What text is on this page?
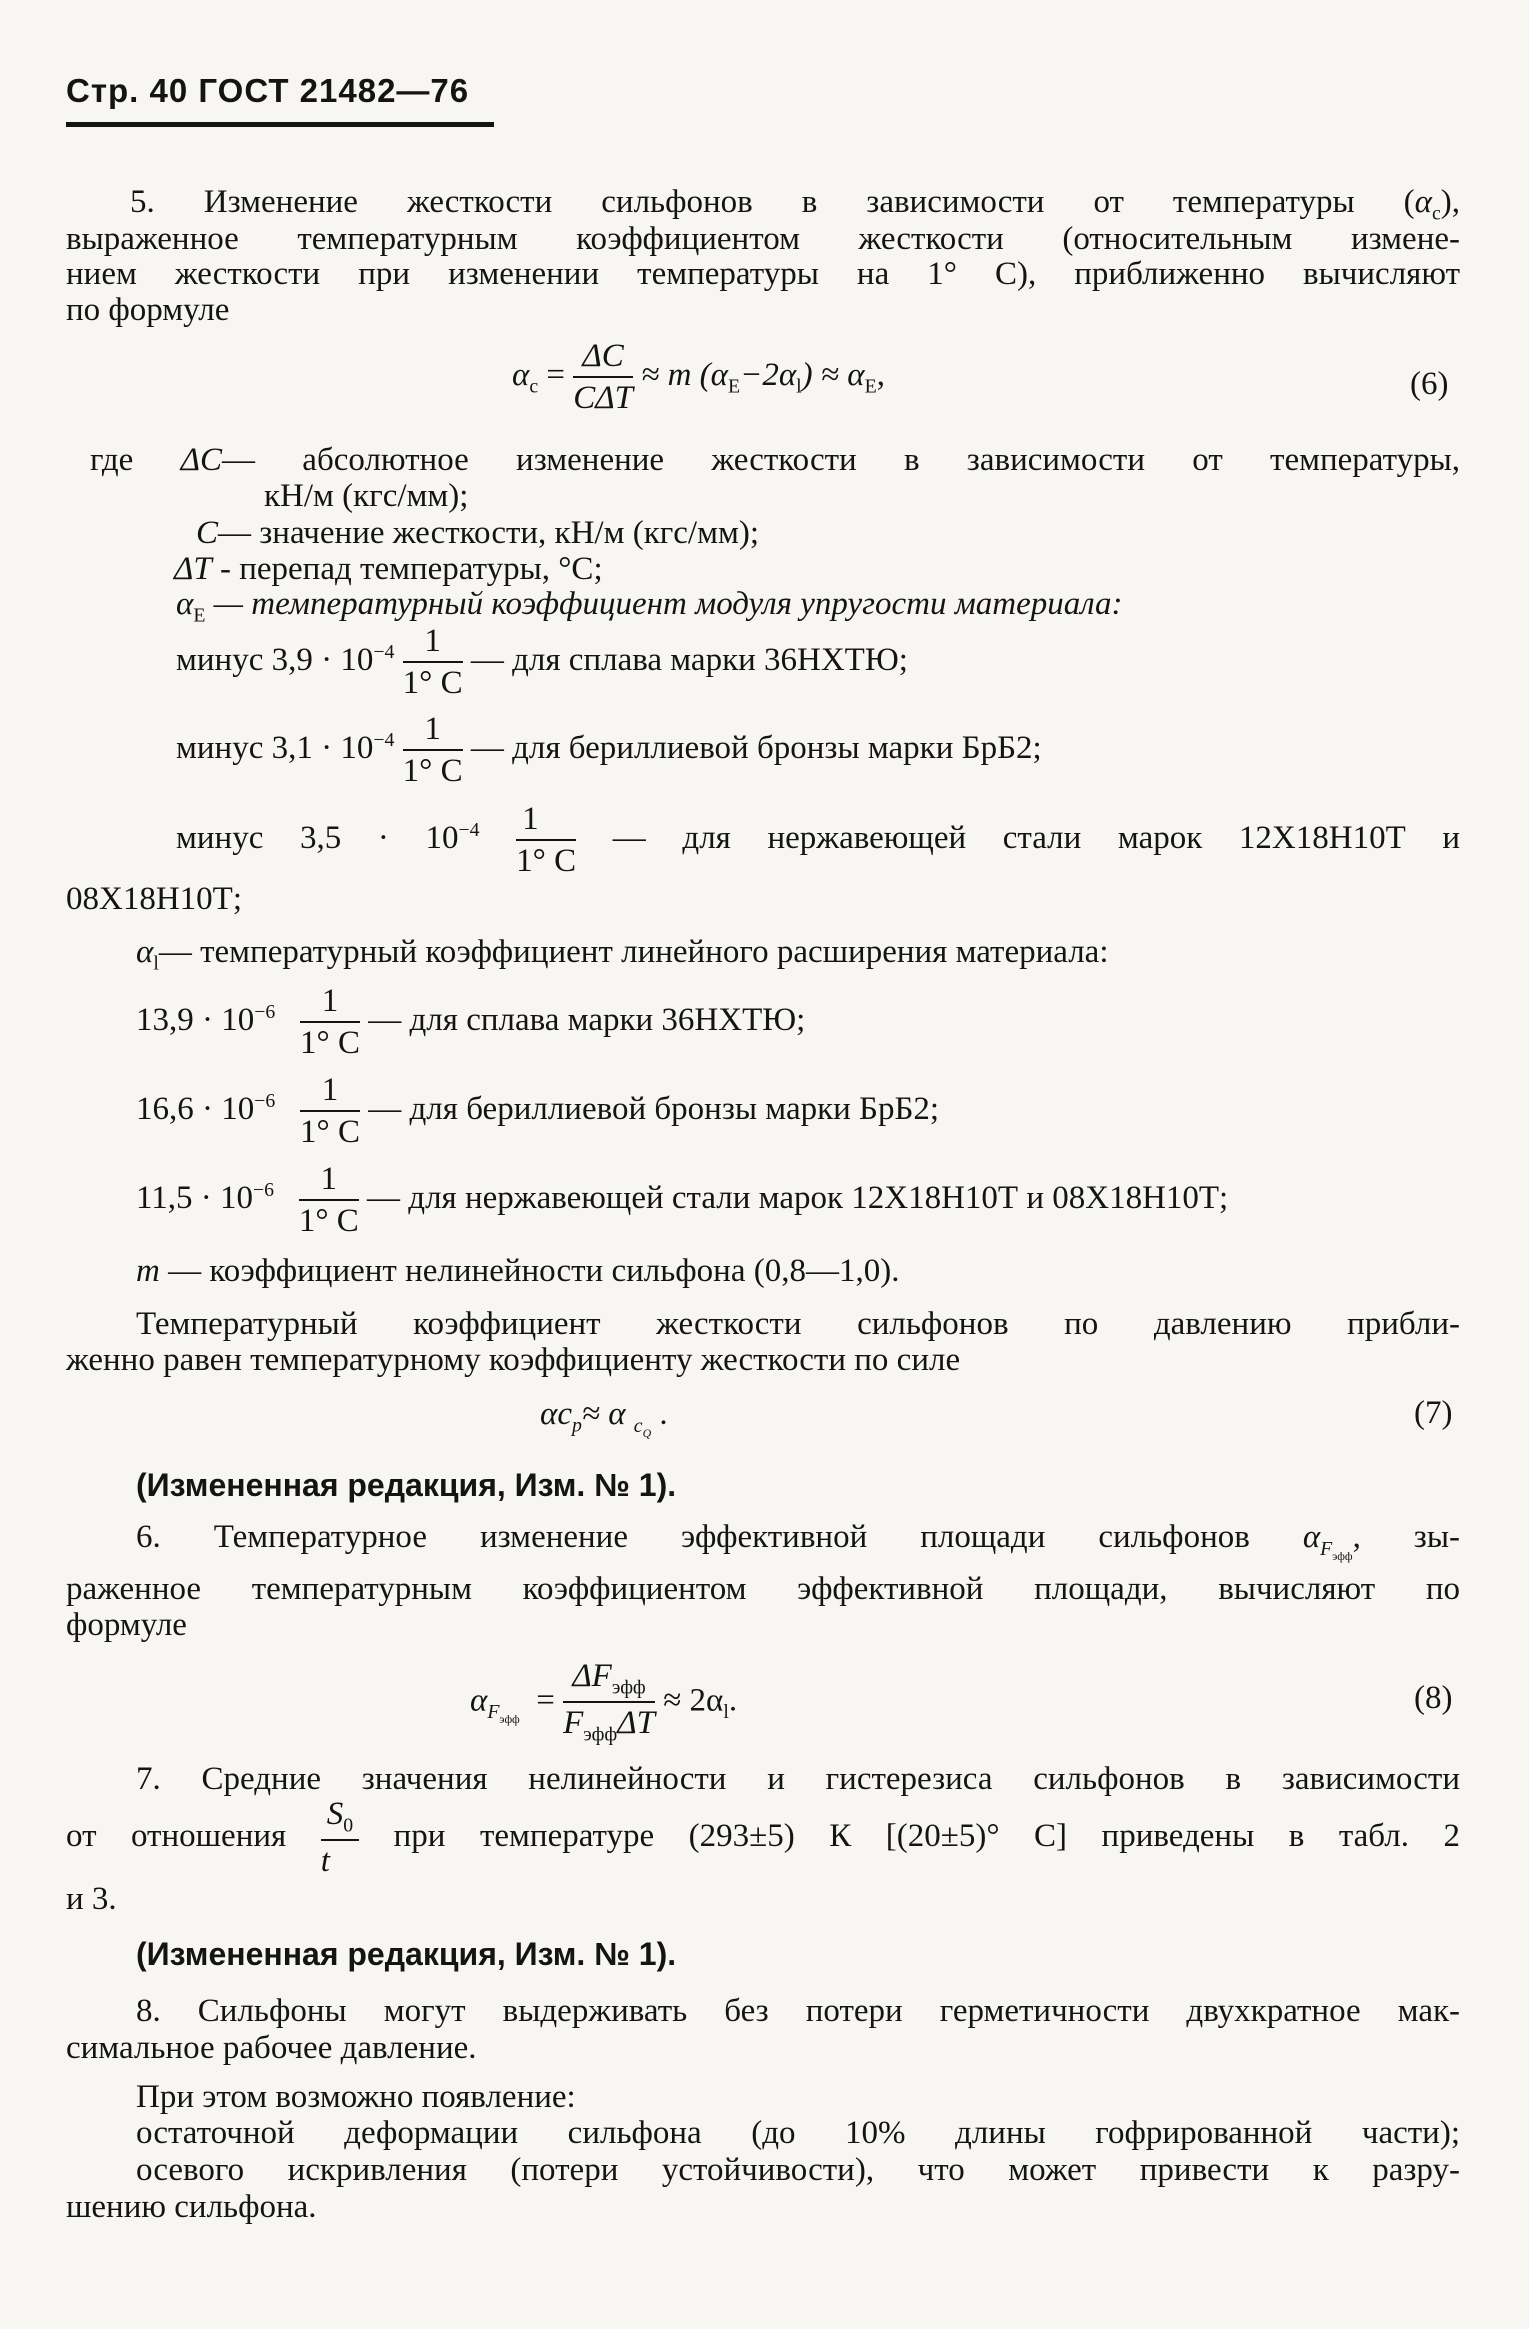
Стр. 40 ГОСТ 21482—76
5. Изменение жесткости сильфонов в зависимости от температуры $(\alpha_с)$,
выраженное температурным коэффициентом жесткости (относительным измене-
нием жесткости при изменении температуры на 1° С), приближенно вычисляют
по формуле
$\alpha_c = \frac{\Delta C}{\text{CΔT}} \approx m$ $(\alpha_E-2\alpha_l) \approx \alpha_E$,	(6)
где ΔC— абсолютное изменение жесткости в зависимости от температуры,
кН/м (кгс/мм);
C— значение жесткости, кН/м (кгс/мм);
ΔT - перепад температуры, °С;
$\alpha_E$ — температурный коэффициент модуля упругости материала:
минус $3,9 \cdot 10^{-4} \frac{1}{1^\circ С}$ — для сплава марки 36НХТЮ;
минус $3,1 \cdot 10^{-4} \frac{1}{1^\circ С}$ — для бериллиевой бронзы марки БрБ2;
минус $3,5 \cdot 10^{-4} \frac{1}{1^\circ С}$ — для нержавеющей стали марок 12Х18Н10Т и
08Х18Н10Т;
$\alpha_l—$ температурный коэффициент линейного расширения материала:
$13,9 \cdot 10^{-6} \frac{1}{1^\circ С}$ — для сплава марки 36НХТЮ;
$16,6 \cdot 10^{-6} \frac{1}{1^\circ С}$ — для бериллиевой бронзы марки БрБ2;
$11,5 \cdot 10^{-6} \frac{1}{1^\circ С}$ — для нержавеющей стали марок 12Х18Н10Т и 08Х18Н10Т;
m — коэффициент нелинейности сильфона (0,8—1,0).
Температурный коэффициент жесткости сильфонов по давлению прибли-
женно равен температурному коэффициенту жесткости по силе
$\alpha c_p\approx \alpha$ $_{c_Q}$ .	(7)
(Измененная редакция, Изм. № 1).
6. Температурное изменение эффективной площади сильфонов $\alpha_{F_{эфф}}$, зы-
раженное температурным коэффициентом эффективной площади, вычисляют по
формуле
$\alpha_{F_{эфф}} = \frac{\Delta F_{эфф}}{F_{эфф}\Delta T} \approx 2\alpha_l$.	(8)
7. Средние значения нелинейности и гистерезиса сильфонов в зависимости
от отношения $\frac{S_0}{t}$ при температуре (293±5) К [(20±5)° С] приведены в табл. 2
и 3.
(Измененная редакция, Изм. № 1).
8. Сильфоны могут выдерживать без потери герметичности двухкратное мак-
симальное рабочее давление.
При этом возможно появление:
остаточной деформации сильфона (до 10% длины гофрированной части);
осевого искривления (потери устойчивости), что может привести к разру-
шению сильфона.
